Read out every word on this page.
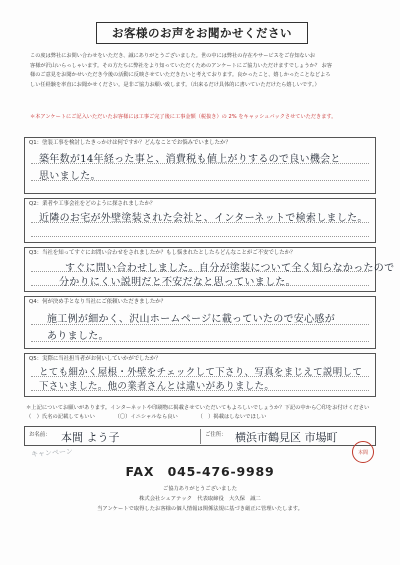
お客様のお声をお聞かせください

この度は弊社にお問い合わせをいただき、誠にありがとうございました。世の中には弊社の存在やサービスをご存知ないお

客様が沢山いらっしゃいます。その方たちに弊社をより知っていただくためのアンケートにご協力いただけますでしょうか？ お客

様のご意見をお聞かせいただき今後の活動に反映させていただきたいと考えております。良かったこと、嬉しかったことなどよろ

しい任経験を率直にお聞かせください。是非ご協力お願い致します。（出来るだけ具体的に書いていただけたら嬉しいです。）

＊本アンケートにご記入いただいたお客様には工事ご完了後に工事金額（税抜き）の 2% をキャッシュバックさせていただきます。
Q1：塗装工事を検討したきっかけは何ですか？どんなことでお悩みでいましたか？
築年数が14年経った事と、消費税も値上がりするので良い機会と
思いました。
Q2：業者や工事会社をどのように探されましたか？
近隣のお宅が外壁塗装された会社と、インターネットで検索しました。
Q3：当社を知ってすぐにお問い合わせをされましたか？もし悩まれたとしたらどんなことがご不安でしたか？
すぐに問い合わせしました。自分が塗装について全く知らなかったので
分かりにくい説明だと不安だなと思っていました。
Q4：何が決め手となり当社にご依頼いただきましたか？
施工例が細かく、沢山ホームページに載っていたので安心感が
ありました。
Q5：実際に当社担当者がお伺いしていかがでしたか？
とても細かく屋根・外壁をチェックして下さり、写真をまじえて説明して
下さいました。他の業者さんとは違いがありました。

＊上記についてお願いがあります。インターネットや印刷物に掲載させていただいてもよろしいでしょうか？下記の中から〇印をお付けください

（　）氏名の記載してもいい	（〇）イニシャルなら良い	（　）掲載はしないでほしい

お名前： 本間 よう子	ご住所： 横浜市鶴見区 市場町
キャンペーン	本間
FAX　045-476-9989
ご協力ありがとうございました
株式会社シュアテック　代表取締役　大久保　誠二
当アンケートで取得したお客様の個人情報は関係法規に基づき厳正に管理いたします。
